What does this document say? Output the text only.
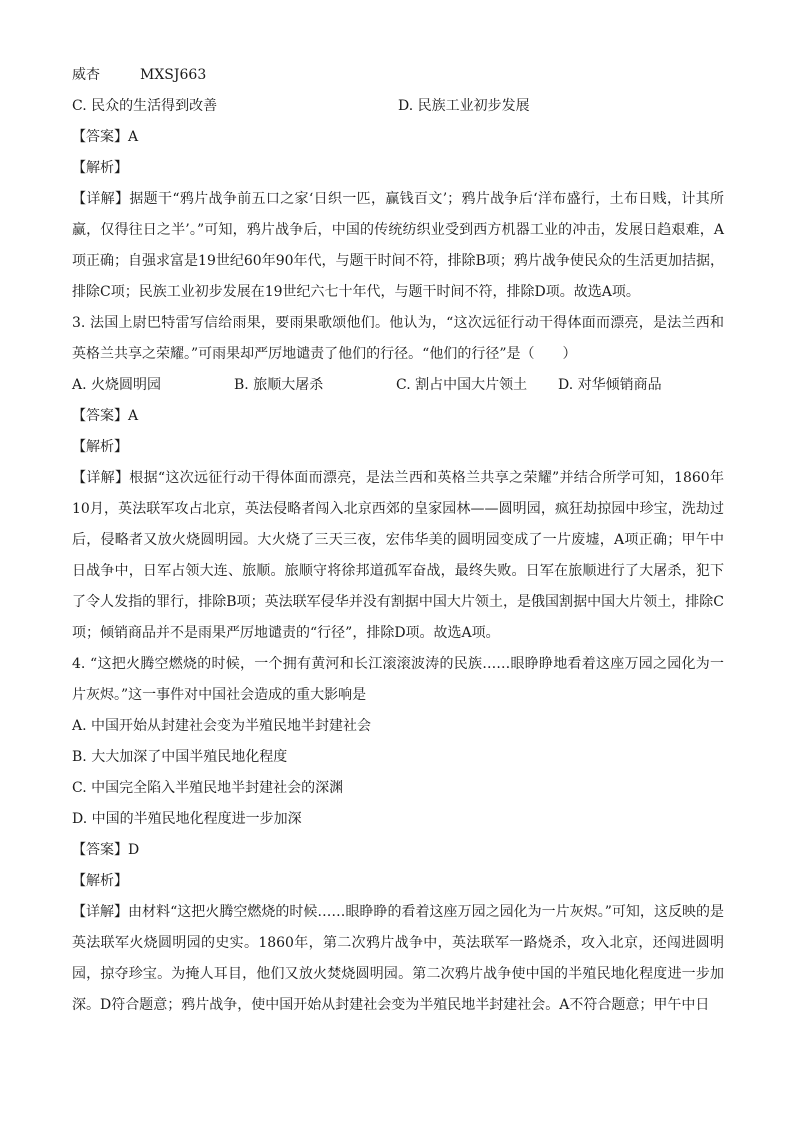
威杏	MXSJ663
C. 民众的生活得到改善	D. 民族工业初步发展
【答案】A
【解析】
【详解】据题干“鸦片战争前五口之家‘日织一匹，赢钱百文’；鸦片战争后‘洋布盛行，土布日贱，计其所赢，仅得往日之半’。”可知，鸦片战争后，中国的传统纺织业受到西方机器工业的冲击，发展日趋艰难，A项正确；自强求富是19世纪60年90年代，与题干时间不符，排除B项；鸦片战争使民众的生活更加拮据，排除C项；民族工业初步发展在19世纪六七十年代，与题干时间不符，排除D项。故选A项。
3. 法国上尉巴特雷写信给雨果，要雨果歌颂他们。他认为，“这次远征行动干得体面而漂亮，是法兰西和英格兰共享之荣耀。”可雨果却严厉地谴责了他们的行径。“他们的行径”是（　　）
A. 火烧圆明园	B. 旅顺大屠杀	C. 割占中国大片领土	D. 对华倾销商品
【答案】A
【解析】
【详解】根据“这次远征行动干得体面而漂亮，是法兰西和英格兰共享之荣耀”并结合所学可知，1860年10月，英法联军攻占北京，英法侵略者闯入北京西郊的皇家园林——圆明园，疯狂劫掠园中珍宝，洗劫过后，侵略者又放火烧圆明园。大火烧了三天三夜，宏伟华美的圆明园变成了一片废墟，A项正确；甲午中日战争中，日军占领大连、旅顺。旅顺守将徐邦道孤军奋战，最终失败。日军在旅顺进行了大屠杀，犯下了令人发指的罪行，排除B项；英法联军侵华并没有割据中国大片领土，是俄国割据中国大片领土，排除C项；倾销商品并不是雨果严厉地谴责的“行径”，排除D项。故选A项。
4. “这把火腾空燃烧的时候，一个拥有黄河和长江滚滚波涛的民族……眼睁睁地看着这座万园之园化为一片灰烬。”这一事件对中国社会造成的重大影响是
A. 中国开始从封建社会变为半殖民地半封建社会
B. 大大加深了中国半殖民地化程度
C. 中国完全陷入半殖民地半封建社会的深渊
D. 中国的半殖民地化程度进一步加深
【答案】D
【解析】
【详解】由材料“这把火腾空燃烧的时候……眼睁睁的看着这座万园之园化为一片灰烬。”可知，这反映的是英法联军火烧圆明园的史实。1860年，第二次鸦片战争中，英法联军一路烧杀，攻入北京，还闯进圆明园，掠夺珍宝。为掩人耳目，他们又放火焚烧圆明园。第二次鸦片战争使中国的半殖民地化程度进一步加深。D符合题意；鸦片战争，使中国开始从封建社会变为半殖民地半封建社会。A不符合题意；甲午中日
